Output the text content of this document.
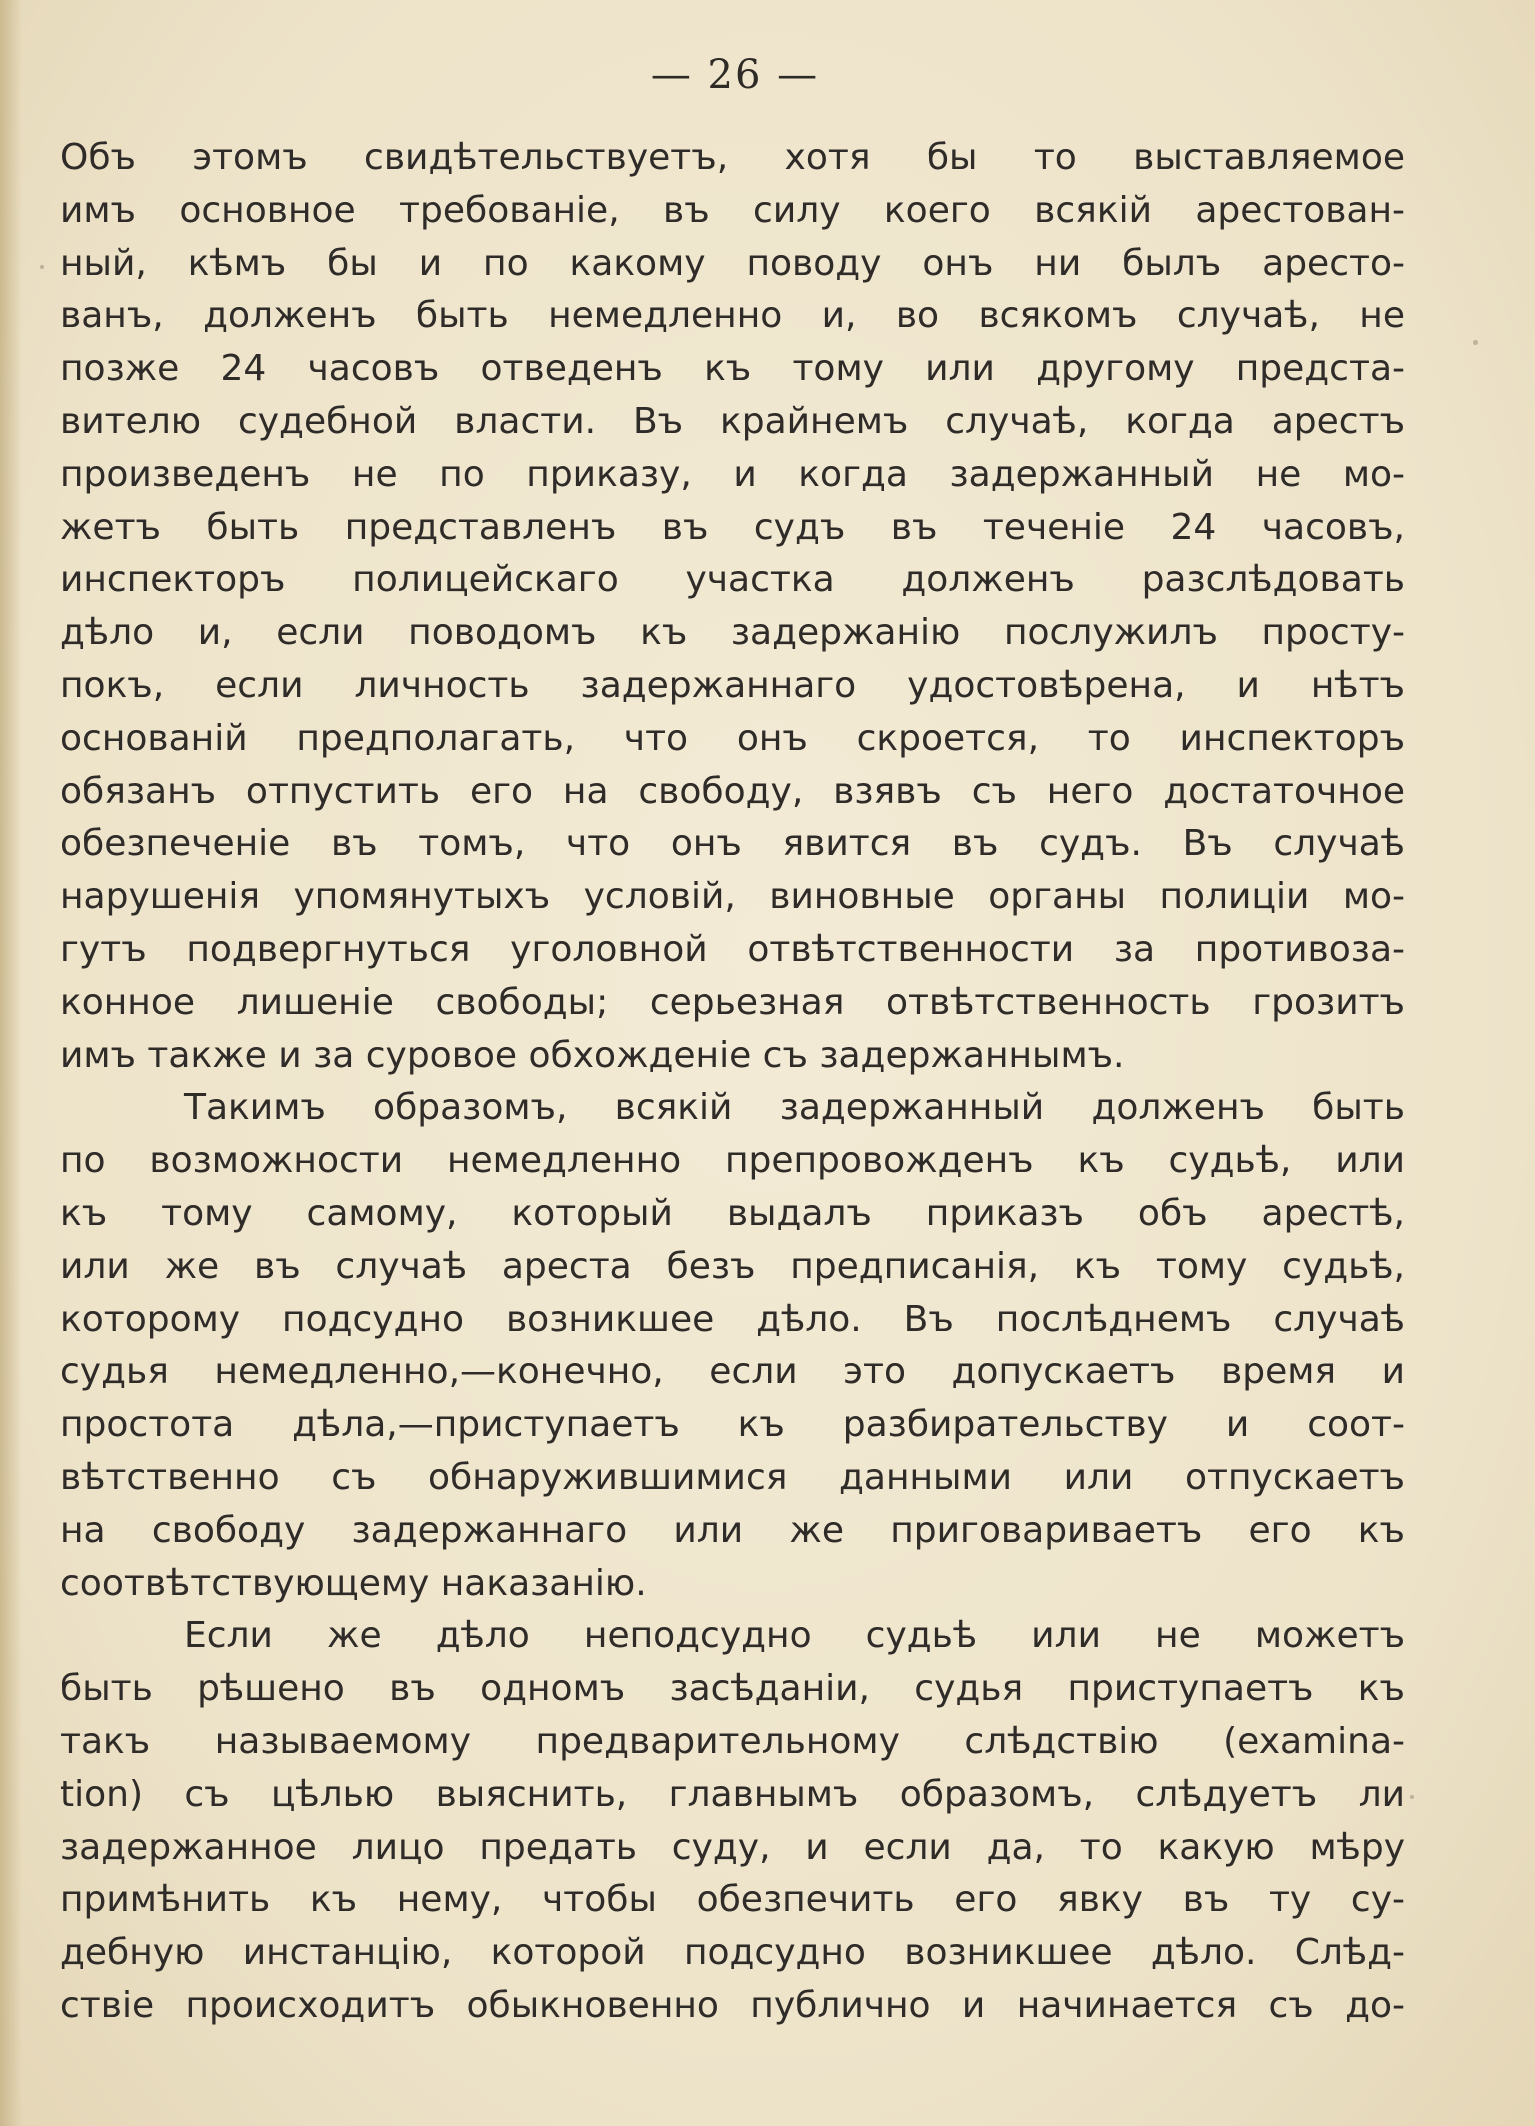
— 26 —
Объ этомъ свидѣтельствуетъ, хотя бы то выставляемое
имъ основное требованіе, въ силу коего всякій арестован-
ный, кѣмъ бы и по какому поводу онъ ни былъ аресто-
ванъ, долженъ быть немедленно и, во всякомъ случаѣ, не
позже 24 часовъ отведенъ къ тому или другому предста-
вителю судебной власти. Въ крайнемъ случаѣ, когда арестъ
произведенъ не по приказу, и когда задержанный не мо-
жетъ быть представленъ въ судъ въ теченіе 24 часовъ,
инспекторъ полицейскаго участка долженъ разслѣдовать
дѣло и, если поводомъ къ задержанію послужилъ просту-
покъ, если личность задержаннаго удостовѣрена, и нѣтъ
основаній предполагать, что онъ скроется, то инспекторъ
обязанъ отпустить его на свободу, взявъ съ него достаточное
обезпеченіе въ томъ, что онъ явится въ судъ. Въ случаѣ
нарушенія упомянутыхъ условій, виновные органы полиціи мо-
гутъ подвергнуться уголовной отвѣтственности за противоза-
конное лишеніе свободы; серьезная отвѣтственность грозитъ
имъ также и за суровое обхожденіе съ задержаннымъ.
Такимъ образомъ, всякій задержанный долженъ быть
по возможности немедленно препровожденъ къ судьѣ, или
къ тому самому, который выдалъ приказъ объ арестѣ,
или же въ случаѣ ареста безъ предписанія, къ тому судьѣ,
которому подсудно возникшее дѣло. Въ послѣднемъ случаѣ
судья немедленно,—конечно, если это допускаетъ время и
простота дѣла,—приступаетъ къ разбирательству и соот-
вѣтственно съ обнаружившимися данными или отпускаетъ
на свободу задержаннаго или же приговариваетъ его къ
соотвѣтствующему наказанію.
Если же дѣло неподсудно судьѣ или не можетъ
быть рѣшено въ одномъ засѣданіи, судья приступаетъ къ
такъ называемому предварительному слѣдствію (examina-
tion) съ цѣлью выяснить, главнымъ образомъ, слѣдуетъ ли
задержанное лицо предать суду, и если да, то какую мѣру
примѣнить къ нему, чтобы обезпечить его явку въ ту су-
дебную инстанцію, которой подсудно возникшее дѣло. Слѣд-
ствіе происходитъ обыкновенно публично и начинается съ до-
